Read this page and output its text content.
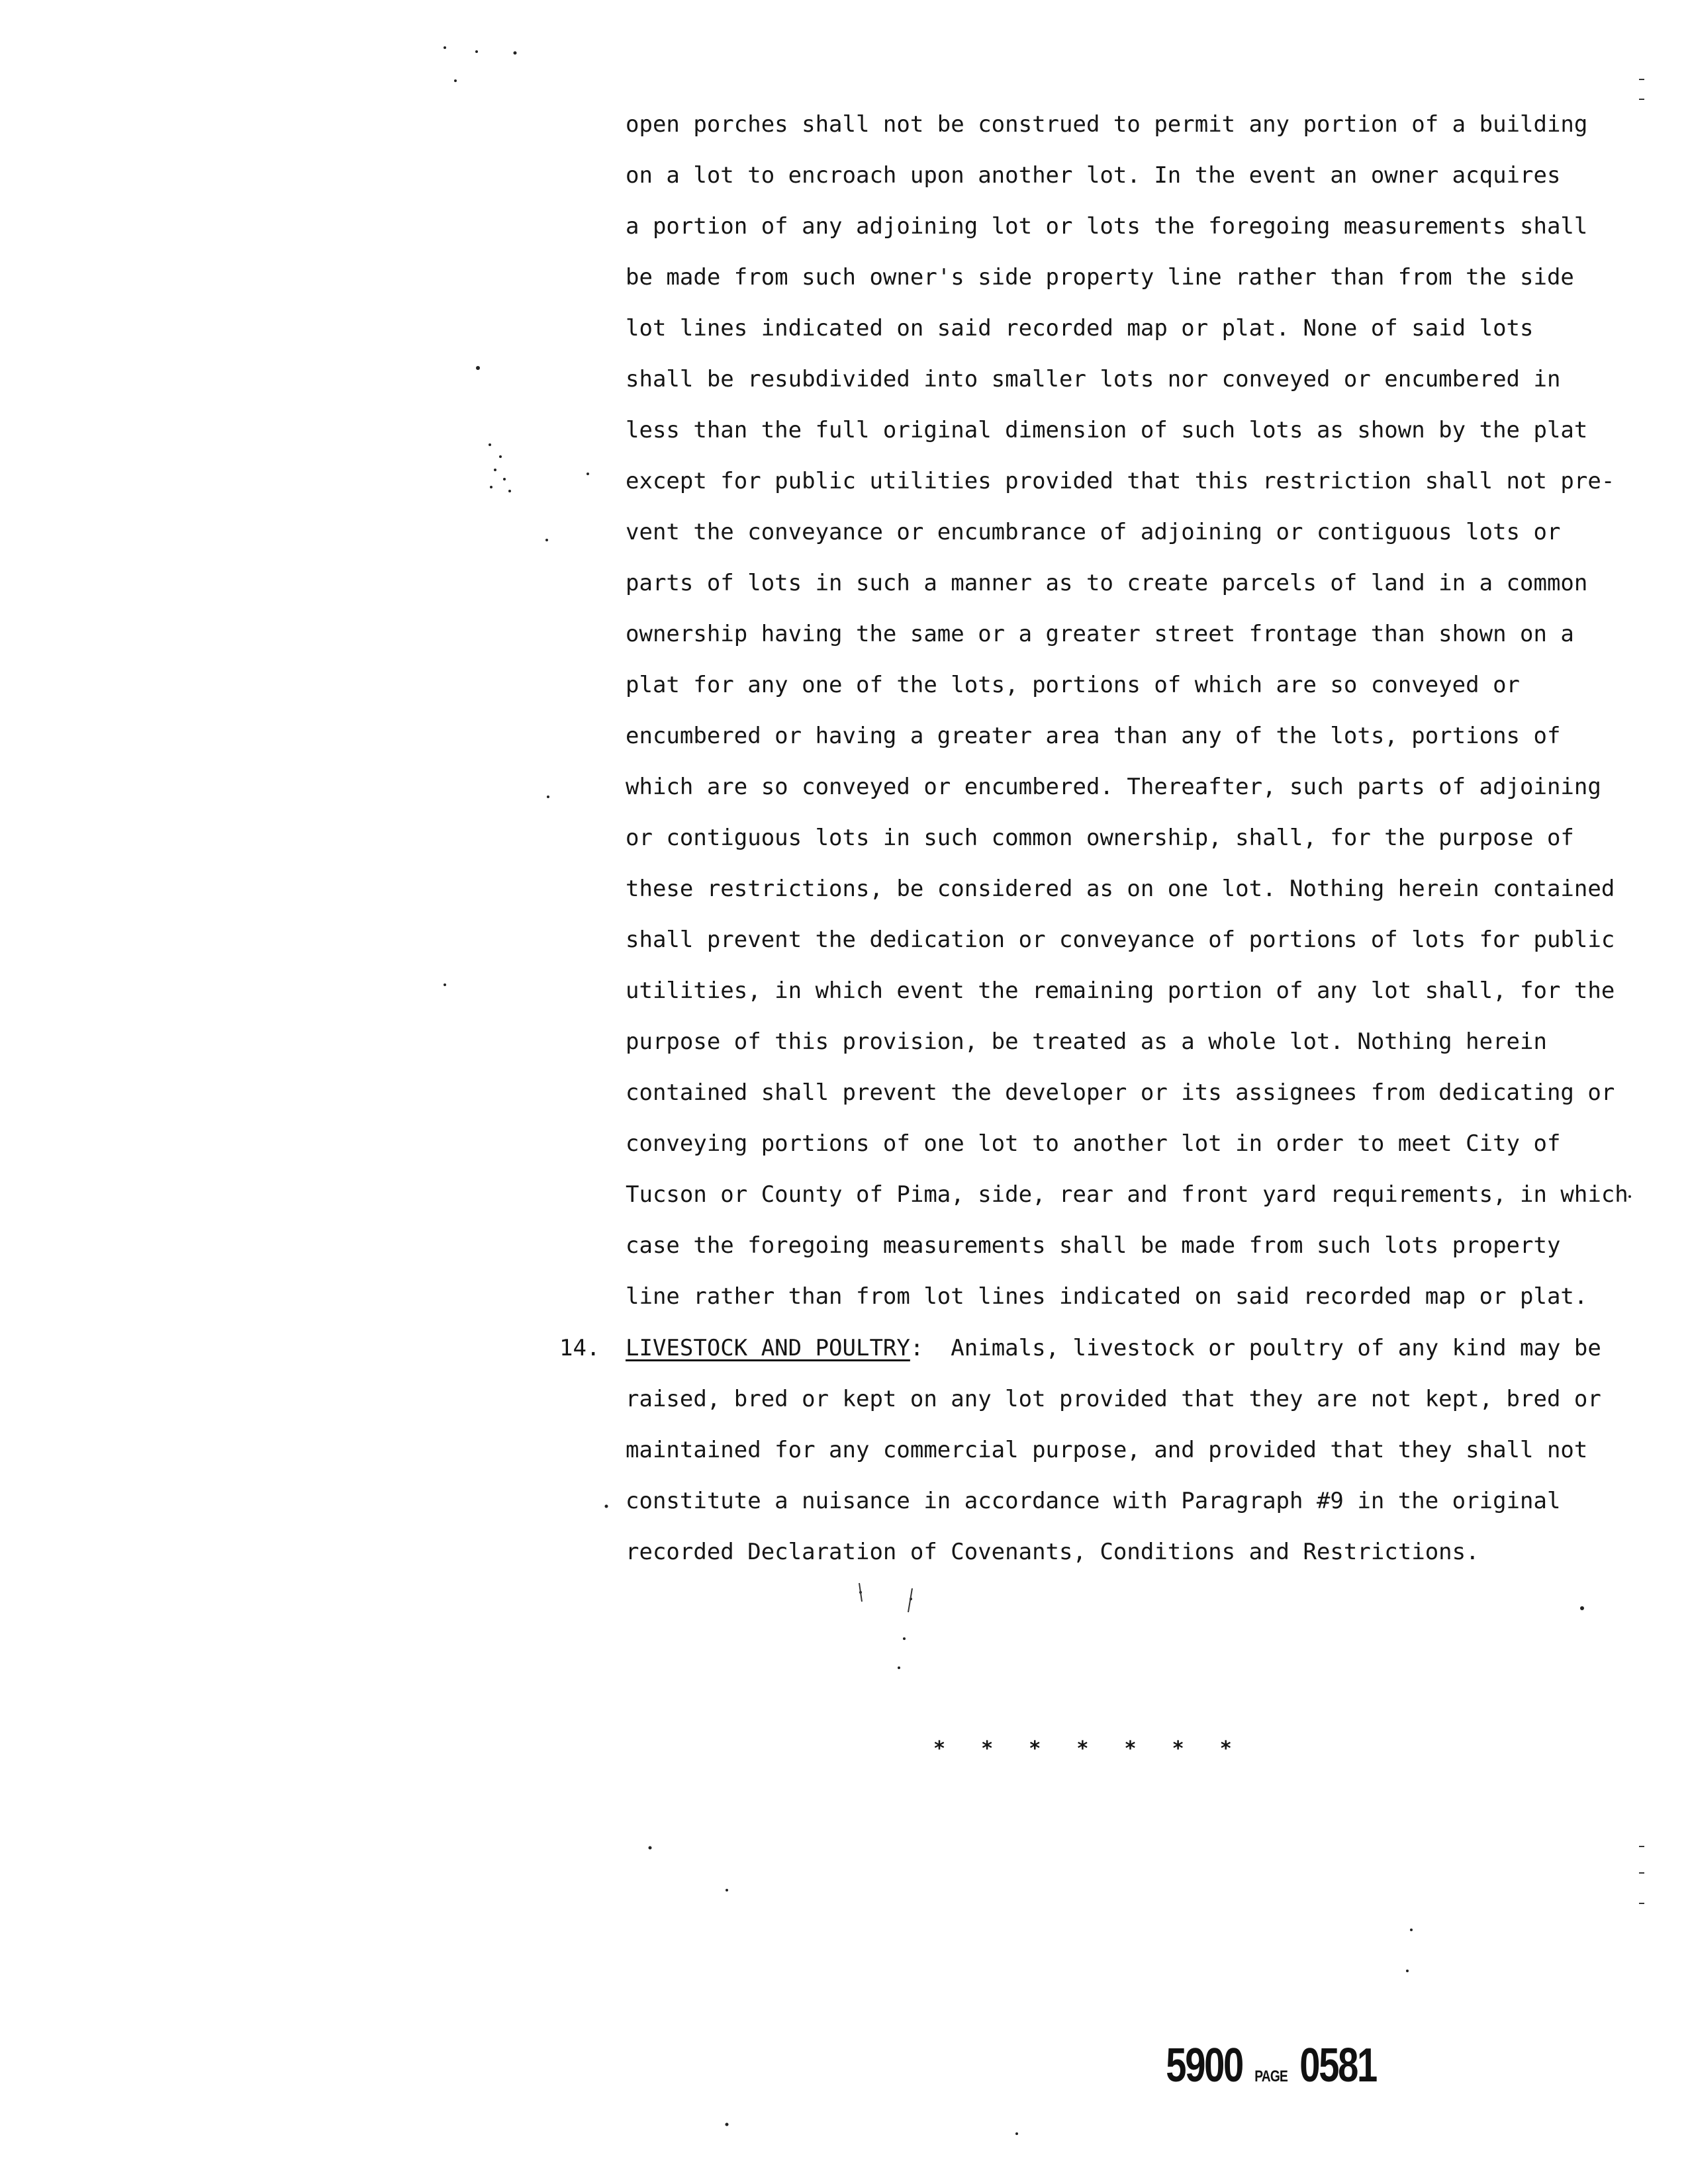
open porches shall not be construed to permit any portion of a building
on a lot to encroach upon another lot. In the event an owner acquires
a portion of any adjoining lot or lots the foregoing measurements shall
be made from such owner's side property line rather than from the side
lot lines indicated on said recorded map or plat. None of said lots
shall be resubdivided into smaller lots nor conveyed or encumbered in
less than the full original dimension of such lots as shown by the plat
except for public utilities provided that this restriction shall not pre-
vent the conveyance or encumbrance of adjoining or contiguous lots or
parts of lots in such a manner as to create parcels of land in a common
ownership having the same or a greater street frontage than shown on a
plat for any one of the lots, portions of which are so conveyed or
encumbered or having a greater area than any of the lots, portions of
which are so conveyed or encumbered. Thereafter, such parts of adjoining
or contiguous lots in such common ownership, shall, for the purpose of
these restrictions, be considered as on one lot. Nothing herein contained
shall prevent the dedication or conveyance of portions of lots for public
utilities, in which event the remaining portion of any lot shall, for the
purpose of this provision, be treated as a whole lot. Nothing herein
contained shall prevent the developer or its assignees from dedicating or
conveying portions of one lot to another lot in order to meet City of
Tucson or County of Pima, side, rear and front yard requirements, in which
case the foregoing measurements shall be made from such lots property
line rather than from lot lines indicated on said recorded map or plat.
14. LIVESTOCK AND POULTRY:  Animals, livestock or poultry of any kind may be
raised, bred or kept on any lot provided that they are not kept, bred or
maintained for any commercial purpose, and provided that they shall not
constitute a nuisance in accordance with Paragraph #9 in the original
recorded Declaration of Covenants, Conditions and Restrictions.
* * * * * * *
5900 PAGE 0581
